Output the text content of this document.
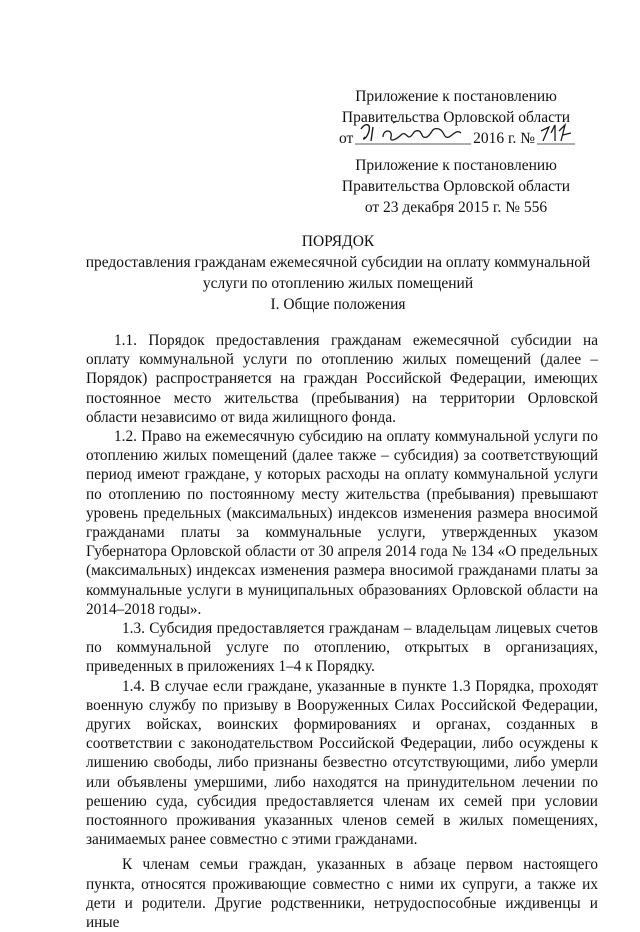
Приложение к постановлению
Правительства Орловской области
от	2016 г. №
Приложение к постановлению
Правительства Орловской области
от 23 декабря 2015 г. № 556
ПОРЯДОК
предоставления гражданам ежемесячной субсидии на оплату коммунальной
услуги по отоплению жилых помещений
I. Общие положения

1.1. Порядок предоставления гражданам ежемесячной субсидии на оплату коммунальной услуги по отоплению жилых помещений (далее – Порядок) распространяется на граждан Российской Федерации, имеющих постоянное место жительства (пребывания) на территории Орловской области независимо от вида жилищного фонда.

1.2. Право на ежемесячную субсидию на оплату коммунальной услуги по отоплению жилых помещений (далее также – субсидия) за соответствующий период имеют граждане, у которых расходы на оплату коммунальной услуги по отоплению по постоянному месту жительства (пребывания) превышают уровень предельных (максимальных) индексов изменения размера вносимой гражданами платы за коммунальные услуги, утвержденных указом Губернатора Орловской области от 30 апреля 2014 года № 134 «О предельных (максимальных) индексах изменения размера вносимой гражданами платы за коммунальные услуги в муниципальных образованиях Орловской области на 2014–2018 годы».

1.3. Субсидия предоставляется гражданам – владельцам лицевых счетов по коммунальной услуге по отоплению, открытых в организациях, приведенных в приложениях 1–4 к Порядку.

1.4. В случае если граждане, указанные в пункте 1.3 Порядка, проходят военную службу по призыву в Вооруженных Силах Российской Федерации, других войсках, воинских формированиях и органах, созданных в соответствии с законодательством Российской Федерации, либо осуждены к лишению свободы, либо признаны безвестно отсутствующими, либо умерли или объявлены умершими, либо находятся на принудительном лечении по решению суда, субсидия предоставляется членам их семей при условии постоянного проживания указанных членов семей в жилых помещениях, занимаемых ранее совместно с этими гражданами.

К членам семьи граждан, указанных в абзаце первом настоящего пункта, относятся проживающие совместно с ними их супруги, а также их дети и родители. Другие родственники, нетрудоспособные иждивенцы и иные
